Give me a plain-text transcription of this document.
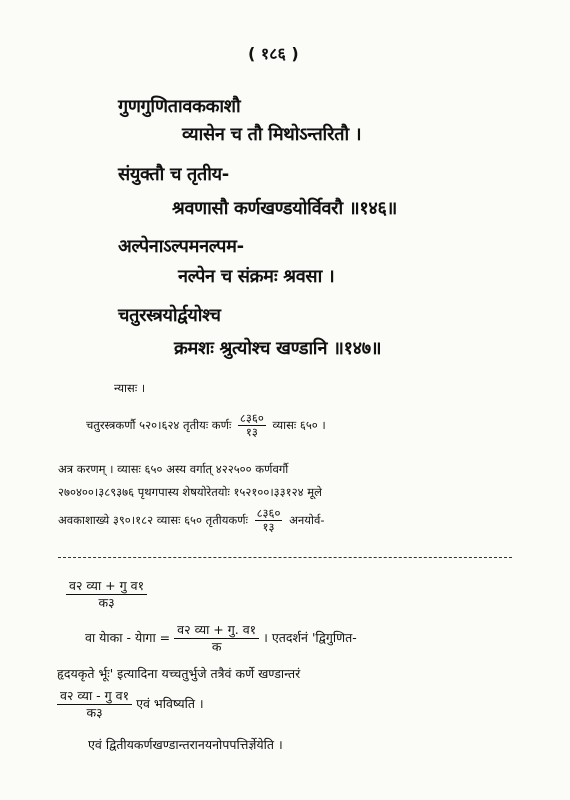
( १८६ )
गुणगुणितावककाशौ
व्यासेन च तौ मिथोऽन्तरितौ ।
संयुक्तौ च तृतीय-
श्रवणासौ कर्णखण्डयोर्विवरौ ॥१४६॥
अल्पेनाऽल्पमनल्पम-
नल्पेन च संक्रमः श्रवसा ।
चतुरस्त्रयोर्द्वयोश्च
क्रमशः श्रुत्योश्च खण्डानि ॥१४७॥
न्यासः ।
चतुरस्त्रकर्णौ ५२०।६२४ तृतीयः कर्णः $\frac{८३६०}{१३}$ व्यासः ६५० ।
अत्र करणम् । व्यासः ६५० अस्य वर्गात् ४२२५०० कर्णवर्गौ
२७०४००।३८९३७६ पृथगपास्य शेषयोरेतयोः १५२१००।३३१२४ मूले
अवकाशाख्ये ३९०।१८२ व्यासः ६५० तृतीयकर्णः $\frac{८३६०}{१३}$ अनयोर्व-
$\frac{\text{व२ व्या + गु व१}}{\text{क३}}$
वा येाका - येागा = $\frac{\text{व२ व्या + गु. व१}}{\text{क}}$ । एतदर्शनं 'द्विगुणित-
हृदयकृते र्भूः' इत्यादिना यच्चतुर्भुजे तत्रैवं कर्णे खण्डान्तरं
$\frac{\text{व२ व्या - गु व१}}{\text{क३}}$ एवं भविष्यति ।
एवं द्वितीयकर्णखण्डान्तरानयनोपपत्तिर्ज्ञेयेति ।
